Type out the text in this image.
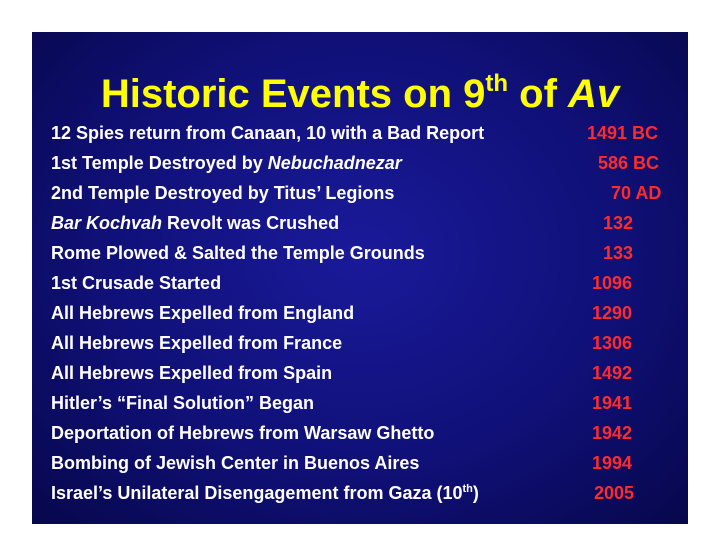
Historic Events on 9th of Av
12 Spies return from Canaan, 10 with a Bad Report	1491 BC
1st Temple Destroyed by Nebuchadnezar	586 BC
2nd Temple Destroyed by Titus’ Legions	70 AD
Bar Kochvah Revolt was Crushed	132
Rome Plowed & Salted the Temple Grounds	133
1st Crusade Started	1096
All Hebrews Expelled from England	1290
All Hebrews Expelled from France	1306
All Hebrews Expelled from Spain	1492
Hitler’s “Final Solution” Began	1941
Deportation of Hebrews from Warsaw Ghetto	1942
Bombing of Jewish Center in Buenos Aires	1994
Israel’s Unilateral Disengagement from Gaza (10th)	2005
